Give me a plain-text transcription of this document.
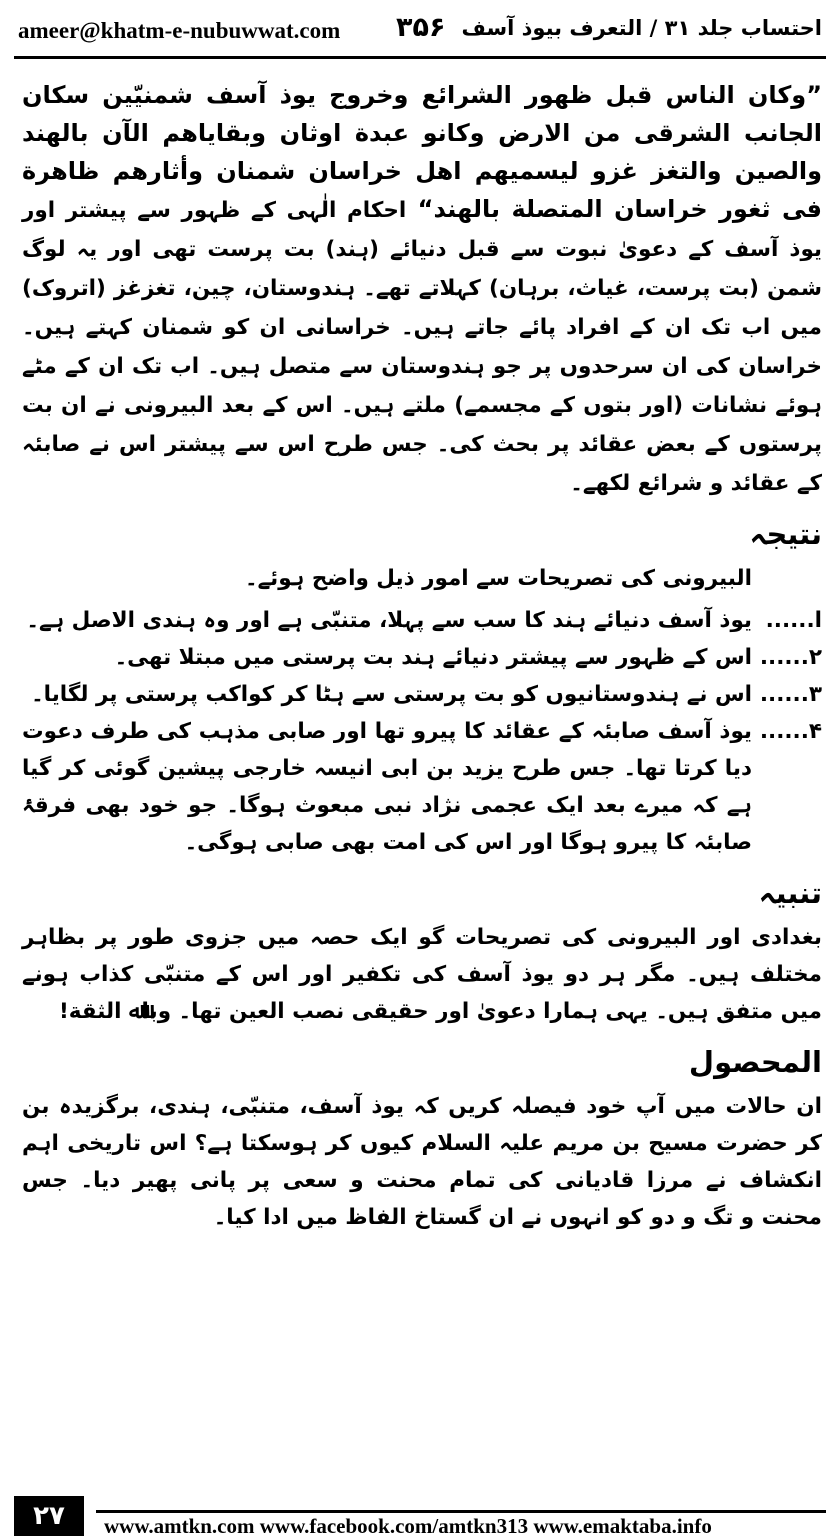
ameer@khatm-e-nubuwwat.com ۳۵۶ احتساب جلد ۳۱ / التعرف بیوذ آسف

”وكان الناس قبل ظهور الشرائع وخروج يوذ آسف شمنيّين سكان الجانب الشرقى من الارض وكانو عبدة اوثان وبقاياهم الآن بالهند والصين والتغز غزو ليسميهم اهل خراسان شمنان وأثارهم ظاهرة فى ثغور خراسان المتصلة بالهند“ احکام الٰہی کے ظہور سے پیشتر اور یوذ آسف کے دعویٰ نبوت سے قبل دنیائے (ہند) بت پرست تھی اور یہ لوگ شمن (بت پرست، غیاث، برہان) کہلاتے تھے۔ ہندوستان، چین، تغزغز (اتروک) میں اب تک ان کے افراد پائے جاتے ہیں۔ خراسانی ان کو شمنان کہتے ہیں۔ خراسان کی ان سرحدوں پر جو ہندوستان سے متصل ہیں۔ اب تک ان کے مٹے ہوئے نشانات (اور بتوں کے مجسمے) ملتے ہیں۔ اس کے بعد البیرونی نے ان بت پرستوں کے بعض عقائد پر بحث کی۔ جس طرح اس سے پیشتر اس نے صابئہ کے عقائد و شرائع لکھے۔

نتیجہ

البیرونی کی تصریحات سے امور ذیل واضح ہوئے۔

ا......
یوذ آسف دنیائے ہند کا سب سے پہلا، متنبّی ہے اور وہ ہندی الاصل ہے۔
۲......
اس کے ظہور سے پیشتر دنیائے ہند بت پرستی میں مبتلا تھی۔
۳......
اس نے ہندوستانیوں کو بت پرستی سے ہٹا کر کواکب پرستی پر لگایا۔
۴......
یوذ آسف صابئہ کے عقائد کا پیرو تھا اور صابی مذہب کی طرف دعوت دیا کرتا تھا۔ جس طرح یزید بن ابی انیسہ خارجی پیشین گوئی کر گیا ہے کہ میرے بعد ایک عجمی نژاد نبی مبعوث ہوگا۔ جو خود بھی فرقۂ صابئہ کا پیرو ہوگا اور اس کی امت بھی صابی ہوگی۔
تنبیہ

بغدادی اور البیرونی کی تصریحات گو ایک حصہ میں جزوی طور پر بظاہر مختلف ہیں۔ مگر ہر دو یوذ آسف کی تکفیر اور اس کے متنبّی کذاب ہونے میں متفق ہیں۔ یہی ہمارا دعویٰ اور حقیقی نصب العین تھا۔ وباﷲ الثقة!

المحصول

ان حالات میں آپ خود فیصلہ کریں کہ یوذ آسف، متنبّی، ہندی، برگزیدہ بن کر حضرت مسیح بن مریم علیہ السلام کیوں کر ہوسکتا ہے؟ اس تاریخی اہم انکشاف نے مرزا قادیانی کی تمام محنت و سعی پر پانی پھیر دیا۔ جس محنت و تگ و دو کو انہوں نے ان گستاخ الفاظ میں ادا کیا۔

۲۷	www.amtkn.com www.facebook.com/amtkn313 www.emaktaba.info
